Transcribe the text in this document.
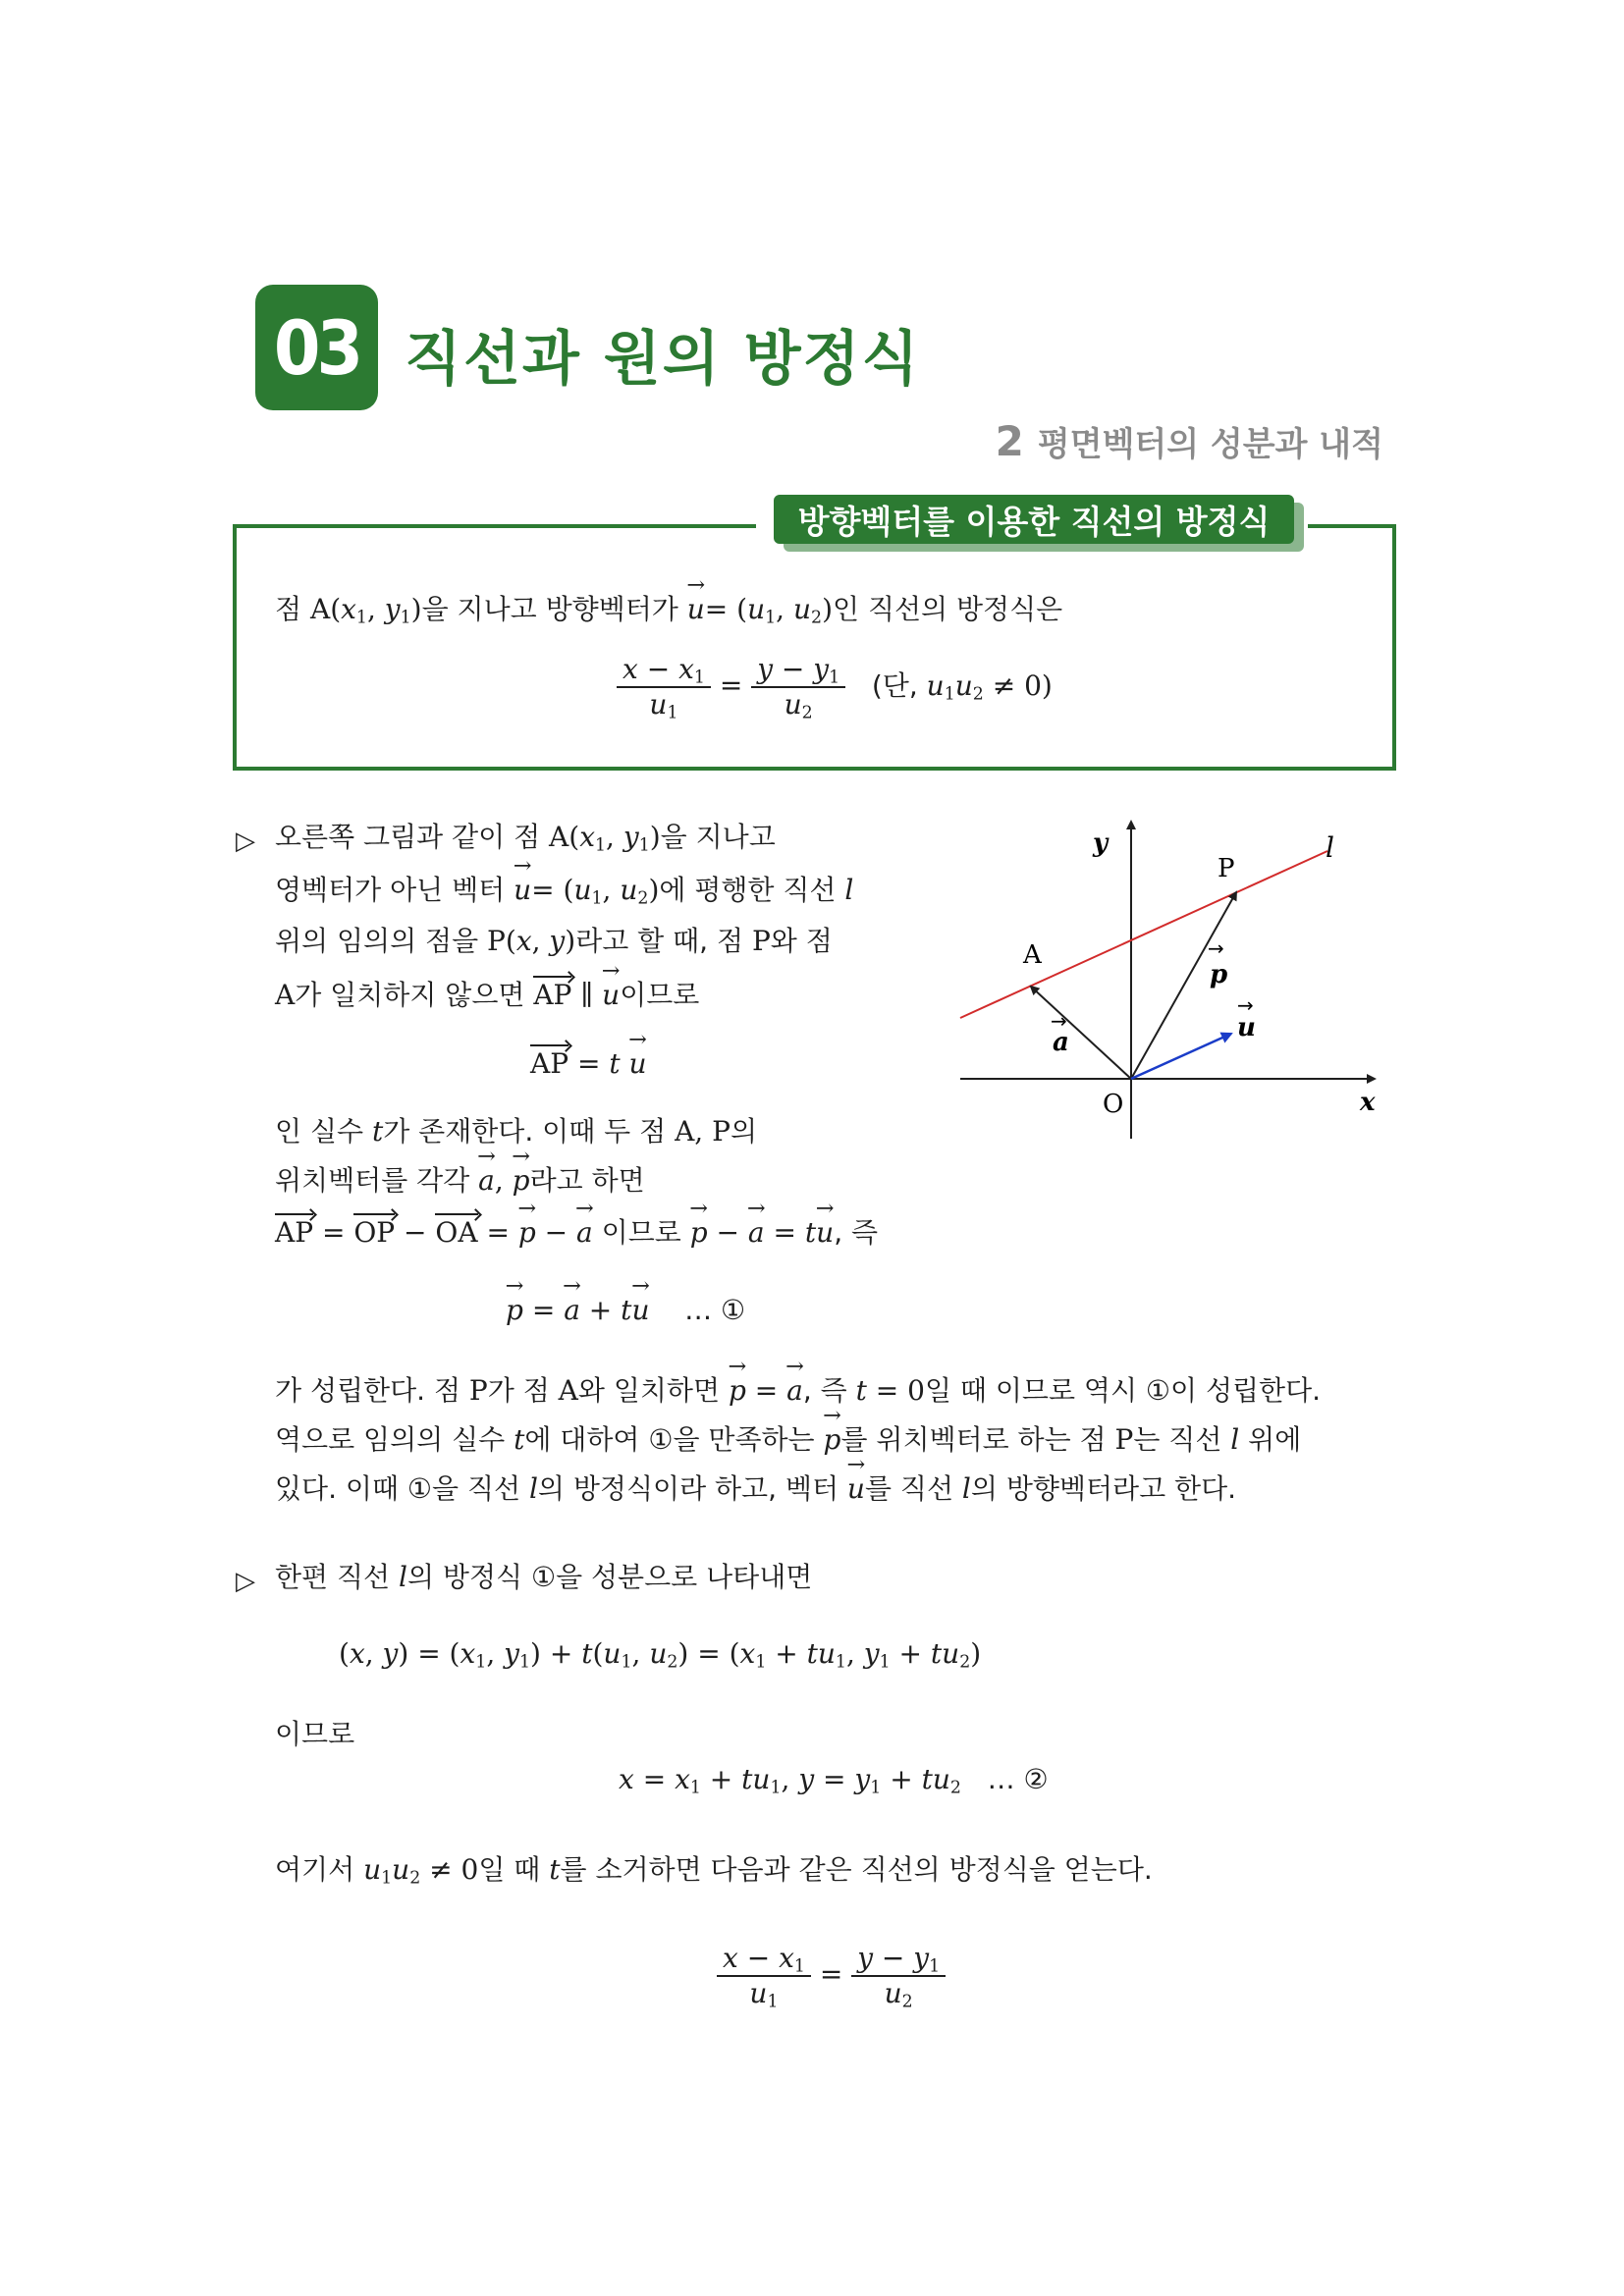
03 직선과 원의 방정식
2 평면벡터의 성분과 내적
방향벡터를 이용한 직선의 방정식
점 $A(x_1$, $y_1$)을 지나고 방향벡터가 → $u= (u_1$, $u_2$)인 직선의 방정식은
$\frac{x - x_1}{u_1} = \frac{y - y_1}{u_2}$ (단, $u_1u_2 \ne 0$)
▷ 오른쪽 그림과 같이 점 $A(x_1$, $y_1$)을 지나고
영벡터가 아닌 벡터 → $u= (u_1$, $u_2$)에 평행한 직선 l
위의 임의의 점을 P(x, y)라고 할 때, 점 P와 점
A가 일치하지 않으면 AP ∥ → u이므로
AP = t → u
인 실수 t가 존재한다. 이때 두 점 A, P의
위치벡터를 각각 → a, → p라고 하면
AP = OP − OA = → p − → a 이므로 → p − → a = t→ u, 즉
→ p = → a + t→ u … ①
가 성립한다. 점 P가 점 A와 일치하면 → p = → a, 즉 t = 0일 때 이므로 역시 ①이 성립한다.
역으로 임의의 실수 t에 대하여 ①을 만족하는 → p를 위치벡터로 하는 점 P는 직선 l 위에
있다. 이때 ①을 직선 l의 방정식이라 하고, 벡터 → u를 직선 l의 방향벡터라고 한다.
▷ 한편 직선 l의 방정식 ①을 성분으로 나타내면
(x, $y) = (x_1$, $y_1) + t(u_1$, $u_2) = (x_1 + tu_1$, $y_1 + tu_2$)
이므로
$x = x_1 + tu_1$, $y = y_1 + tu_2$ … ②
여기서 $u_1u_2 \ne 0$일 때 t를 소거하면 다음과 같은 직선의 방정식을 얻는다.
$\frac{x - x_1}{u_1} = \frac{y - y_1}{u_2}$
y
x
O
A
P
l
a
→
p
→
u
→
